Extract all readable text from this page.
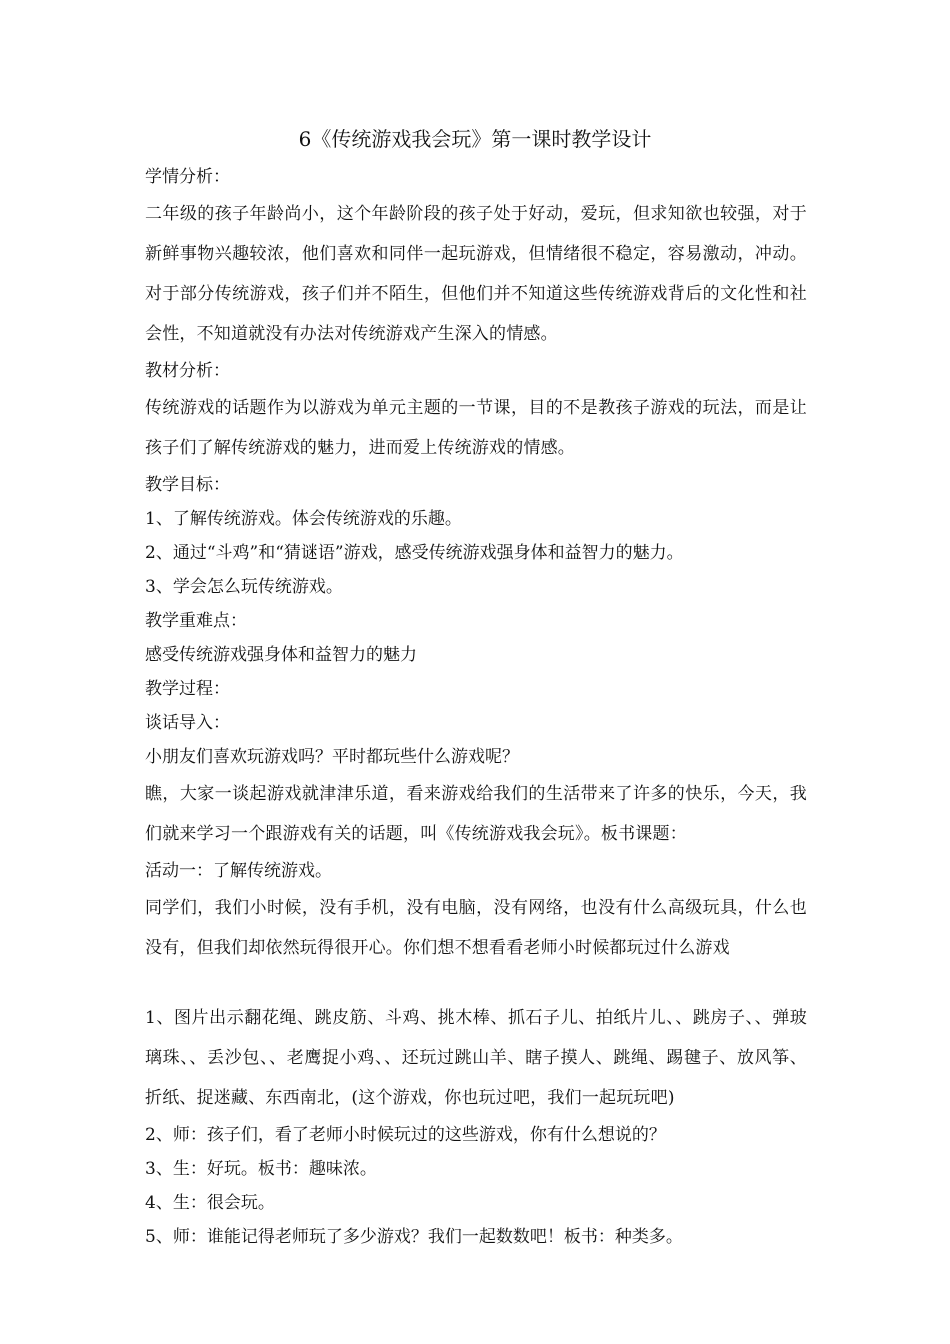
6《传统游戏我会玩》第一课时教学设计

学情分析：

二年级的孩子年龄尚小，这个年龄阶段的孩子处于好动，爱玩，但求知欲也较强，对于新鲜事物兴趣较浓，他们喜欢和同伴一起玩游戏，但情绪很不稳定，容易激动，冲动。对于部分传统游戏，孩子们并不陌生，但他们并不知道这些传统游戏背后的文化性和社会性，不知道就没有办法对传统游戏产生深入的情感。

教材分析：

传统游戏的话题作为以游戏为单元主题的一节课，目的不是教孩子游戏的玩法，而是让孩子们了解传统游戏的魅力，进而爱上传统游戏的情感。

教学目标：

1、了解传统游戏。体会传统游戏的乐趣。

2、通过“斗鸡”和“猜谜语”游戏，感受传统游戏强身体和益智力的魅力。

3、学会怎么玩传统游戏。

教学重难点：

感受传统游戏强身体和益智力的魅力

教学过程：

谈话导入：

小朋友们喜欢玩游戏吗？平时都玩些什么游戏呢？

瞧，大家一谈起游戏就津津乐道，看来游戏给我们的生活带来了许多的快乐，今天，我们就来学习一个跟游戏有关的话题，叫《传统游戏我会玩》。板书课题：

活动一：了解传统游戏。

同学们，我们小时候，没有手机，没有电脑，没有网络，也没有什么高级玩具，什么也没有，但我们却依然玩得很开心。你们想不想看看老师小时候都玩过什么游戏

1、图片出示翻花绳、跳皮筋、斗鸡、挑木棒、抓石子儿、拍纸片儿、、跳房子、、弹玻璃珠、、丢沙包、、老鹰捉小鸡、、还玩过跳山羊、瞎子摸人、跳绳、踢毽子、放风筝、折纸、捉迷藏、东西南北，(这个游戏，你也玩过吧，我们一起玩玩吧)

2、师：孩子们，看了老师小时候玩过的这些游戏，你有什么想说的？

3、生：好玩。板书：趣味浓。

4、生：很会玩。

5、师：谁能记得老师玩了多少游戏？我们一起数数吧！板书：种类多。
